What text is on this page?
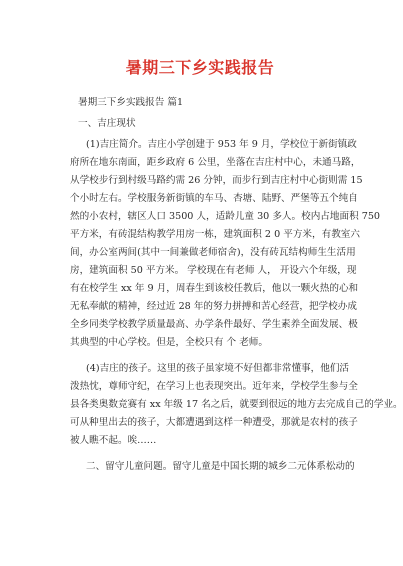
暑期三下乡实践报告
暑期三下乡实践报告 篇1
一、吉庄现状
(1)吉庄简介。吉庄小学创建于 953 年 9 月，学校位于新街镇政
府所在地东南面，距乡政府 6 公里，坐落在吉庄村中心，未通马路，
从学校步行到村级马路约需 26 分钟，而步行到吉庄村中心街则需 15
个小时左右。学校服务新街镇的车马、杏塘、陆野、严堡等五个纯自
然的小农村，辖区人口 3500 人，适龄儿童 30 多人。校内占地面积 750
平方米，有砖混结构教学用房一栋，建筑面积 2 0 平方米，有教室六
间，办公室两间(其中一间兼做老师宿舍)，没有砖瓦结构师生生活用
房，建筑面积 50 平方米。 学校现在有老师 人， 开设六个年级，现
有在校学生 xx 年 9 月，周春生到该校任教后，他以一颗火热的心和
无私奉献的精神，经过近 28 年的努力拼搏和苦心经营，把学校办成
全乡同类学校教学质量最高、办学条件最好、学生素养全面发展、极
其典型的中心学校。但是，全校只有 个 老师。
(4)吉庄的孩子。这里的孩子虽家境不好但都非常懂事，他们活
泼热忱，尊师守纪，在学习上也表现突出。近年来，学校学生参与全
县各类奥数竞赛有 xx 年级 17 名之后，就要到很远的地方去完成自己的学业。
可从种里出去的孩子，大都遭遇到这样一种遭受，那就是农村的孩子
被人瞧不起。唉……
二、留守儿童问题。留守儿童是中国长期的城乡二元体系松动的
